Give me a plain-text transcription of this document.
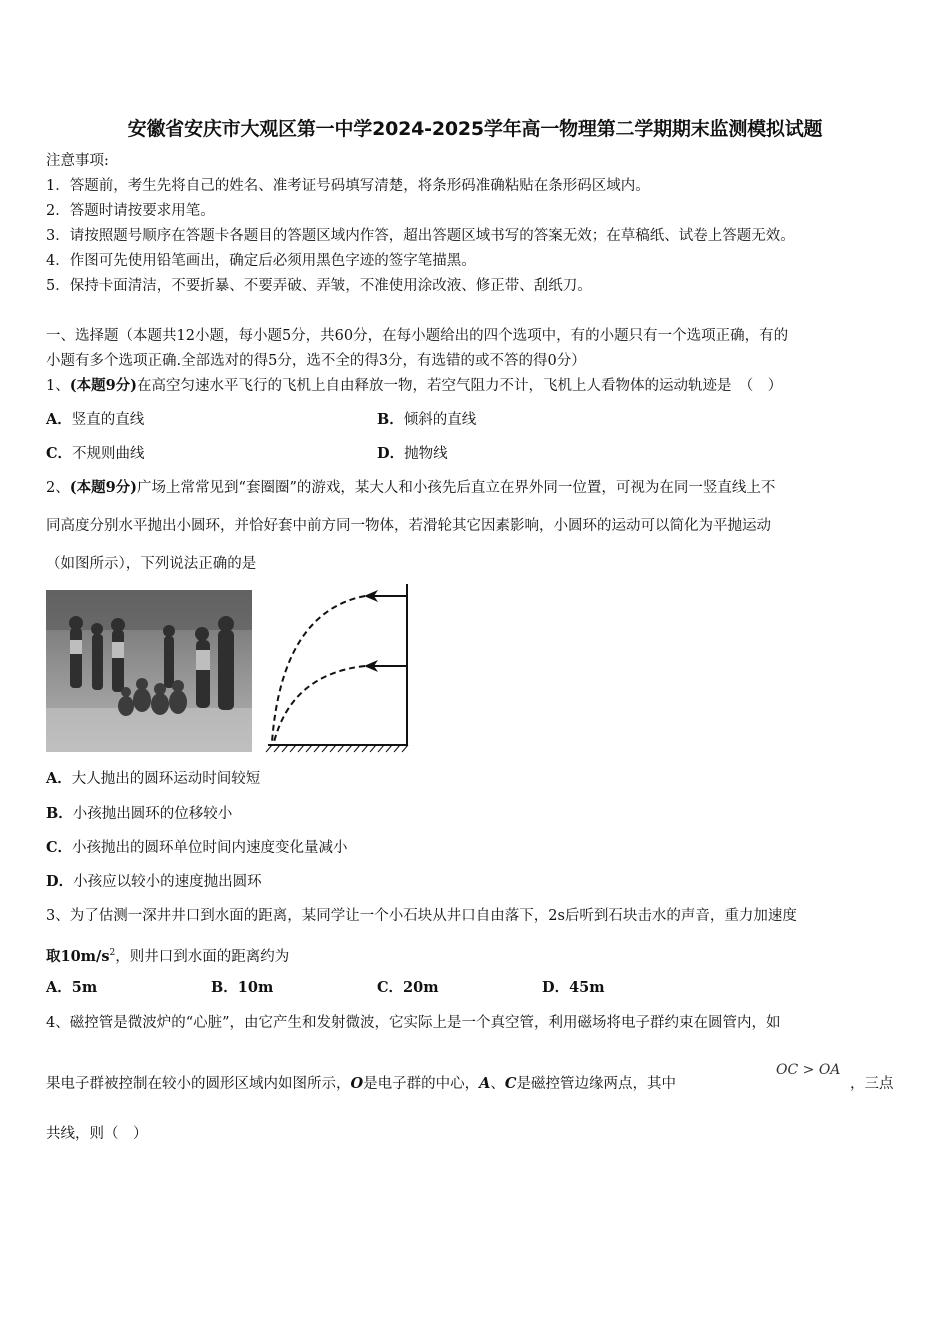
安徽省安庆市大观区第一中学2024-2025学年高一物理第二学期期末监测模拟试题
注意事项:
1．答题前，考生先将自己的姓名、准考证号码填写清楚，将条形码准确粘贴在条形码区域内。
2．答题时请按要求用笔。
3．请按照题号顺序在答题卡各题目的答题区域内作答，超出答题区域书写的答案无效；在草稿纸、试卷上答题无效。
4．作图可先使用铅笔画出，确定后必须用黑色字迹的签字笔描黑。
5．保持卡面清洁，不要折暴、不要弄破、弄皱，不准使用涂改液、修正带、刮纸刀。
一、选择题（本题共12小题，每小题5分，共60分，在每小题给出的四个选项中，有的小题只有一个选项正确，有的
小题有多个选项正确.全部选对的得5分，选不全的得3分，有选错的或不答的得0分）
1、(本题9分)在高空匀速水平飞行的飞机上自由释放一物，若空气阻力不计，飞机上人看物体的运动轨迹是　（　）
A．竖直的直线	B．倾斜的直线
C．不规则曲线	D．抛物线
2、(本题9分)广场上常常见到“套圈圈”的游戏，某大人和小孩先后直立在界外同一位置，可视为在同一竖直线上不
同高度分别水平抛出小圆环，并恰好套中前方同一物体，若滑轮其它因素影响，小圆环的运动可以简化为平抛运动
（如图所示），下列说法正确的是
A．大人抛出的圆环运动时间较短
B．小孩抛出圆环的位移较小
C．小孩抛出的圆环单位时间内速度变化量减小
D．小孩应以较小的速度抛出圆环
3、为了估测一深井井口到水面的距离，某同学让一个小石块从井口自由落下，2s后听到石块击水的声音，重力加速度
取$10m/s^2$，则井口到水面的距离约为
A．5m	B．10m	C．20m	D．45m
4、磁控管是微波炉的“心脏”，由它产生和发射微波，它实际上是一个真空管，利用磁场将电子群约束在圆管内，如
果电子群被控制在较小的圆形区域内如图所示，O是电子群的中心，A、C是磁控管边缘两点，其中
OC > OA
，三点
共线，则（　）
